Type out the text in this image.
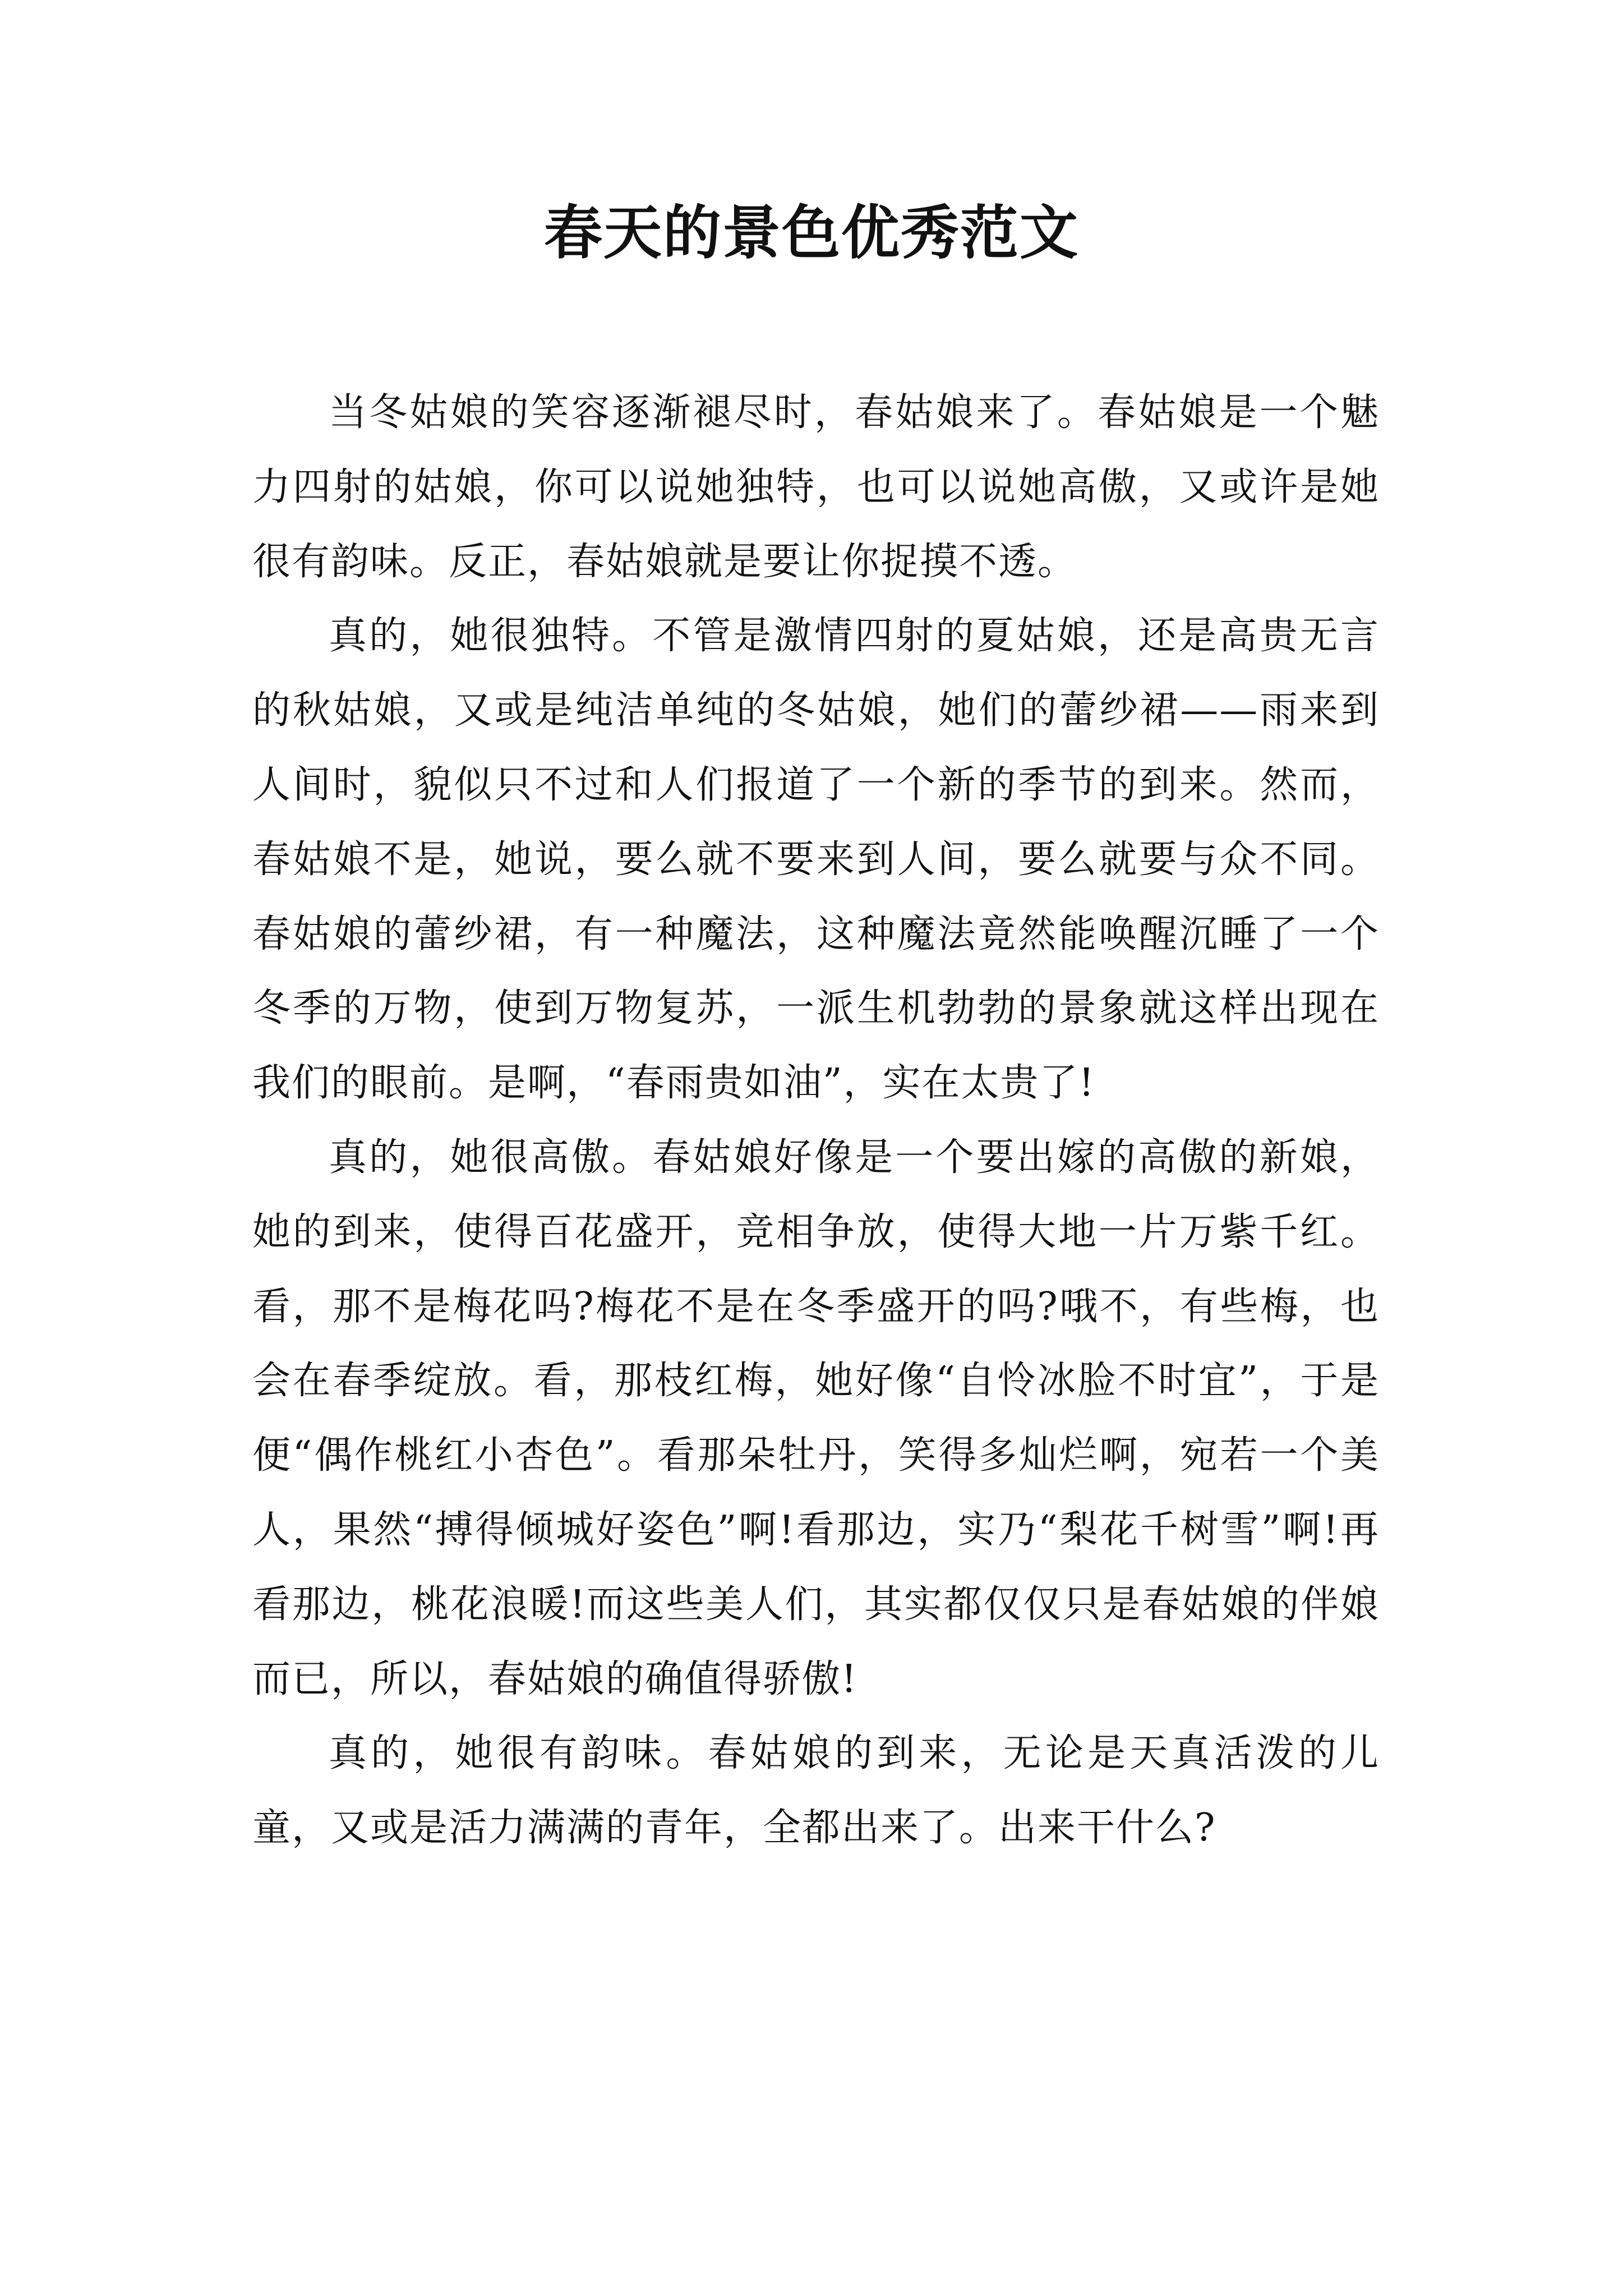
春天的景色优秀范文

当冬姑娘的笑容逐渐褪尽时，春姑娘来了。春姑娘是一个魅力四射的姑娘，你可以说她独特，也可以说她高傲，又或许是她很有韵味。反正，春姑娘就是要让你捉摸不透。

真的，她很独特。不管是激情四射的夏姑娘，还是高贵无言的秋姑娘，又或是纯洁单纯的冬姑娘，她们的蕾纱裙——雨来到人间时，貌似只不过和人们报道了一个新的季节的到来。然而，春姑娘不是，她说，要么就不要来到人间，要么就要与众不同。春姑娘的蕾纱裙，有一种魔法，这种魔法竟然能唤醒沉睡了一个冬季的万物，使到万物复苏，一派生机勃勃的景象就这样出现在我们的眼前。是啊，“春雨贵如油”，实在太贵了!

真的，她很高傲。春姑娘好像是一个要出嫁的高傲的新娘，她的到来，使得百花盛开，竞相争放，使得大地一片万紫千红。看，那不是梅花吗?梅花不是在冬季盛开的吗?哦不，有些梅，也会在春季绽放。看，那枝红梅，她好像“自怜冰脸不时宜”，于是便“偶作桃红小杏色”。看那朵牡丹，笑得多灿烂啊，宛若一个美人，果然“搏得倾城好姿色”啊!看那边，实乃“梨花千树雪”啊!再看那边，桃花浪暖!而这些美人们，其实都仅仅只是春姑娘的伴娘而已，所以，春姑娘的确值得骄傲!

真的，她很有韵味。春姑娘的到来，无论是天真活泼的儿童，又或是活力满满的青年，全都出来了。出来干什么?
